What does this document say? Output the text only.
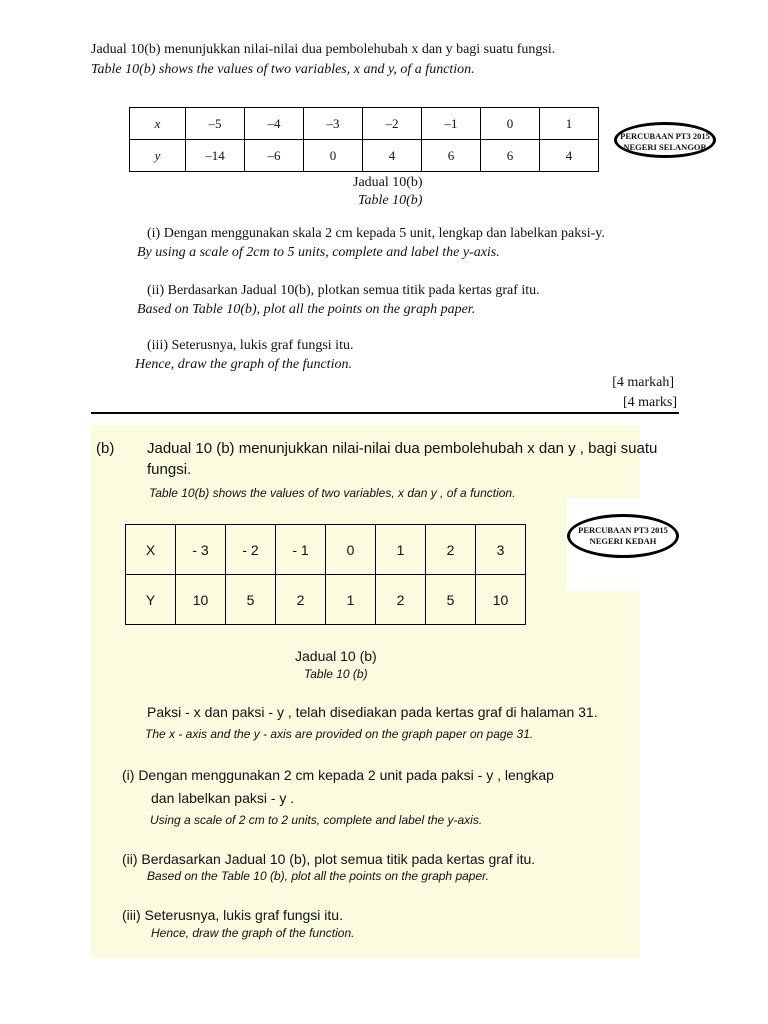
Jadual 10(b) menunjukkan nilai-nilai dua pembolehubah x dan y bagi suatu fungsi.
Table 10(b) shows the values of two variables, x and y, of a function.
x	–5	–4	–3	–2	–1	0	1
y	–14	–6	0	4	6	6	4
PERCUBAAN PT3 2015
NEGERI SELANGOR
Jadual 10(b)
Table 10(b)
(i) Dengan menggunakan skala 2 cm kepada 5 unit, lengkap dan labelkan paksi-y.
By using a scale of 2cm to 5 units, complete and label the y-axis.
(ii) Berdasarkan Jadual 10(b), plotkan semua titik pada kertas graf itu.
Based on Table 10(b), plot all the points on the graph paper.
(iii) Seterusnya, lukis graf fungsi itu.
Hence, draw the graph of the function.
[4 markah]
[4 marks]
(b) Jadual 10 (b) menunjukkan nilai-nilai dua pembolehubah x dan y , bagi suatu
fungsi.
Table 10(b) shows the values of two variables, x dan y , of a function.
PERCUBAAN PT3 2015
NEGERI KEDAH
X	- 3	- 2	- 1	0	1	2	3
Y	10	5	2	1	2	5	10
Jadual 10 (b)
Table 10 (b)
Paksi - x dan paksi - y , telah disediakan pada kertas graf di halaman 31.
The x - axis and the y - axis are provided on the graph paper on page 31.
(i) Dengan menggunakan 2 cm kepada 2 unit pada paksi - y , lengkap
dan labelkan paksi - y .
Using a scale of 2 cm to 2 units, complete and label the y-axis.
(ii) Berdasarkan Jadual 10 (b), plot semua titik pada kertas graf itu.
Based on the Table 10 (b), plot all the points on the graph paper.
(iii) Seterusnya, lukis graf fungsi itu.
Hence, draw the graph of the function.
